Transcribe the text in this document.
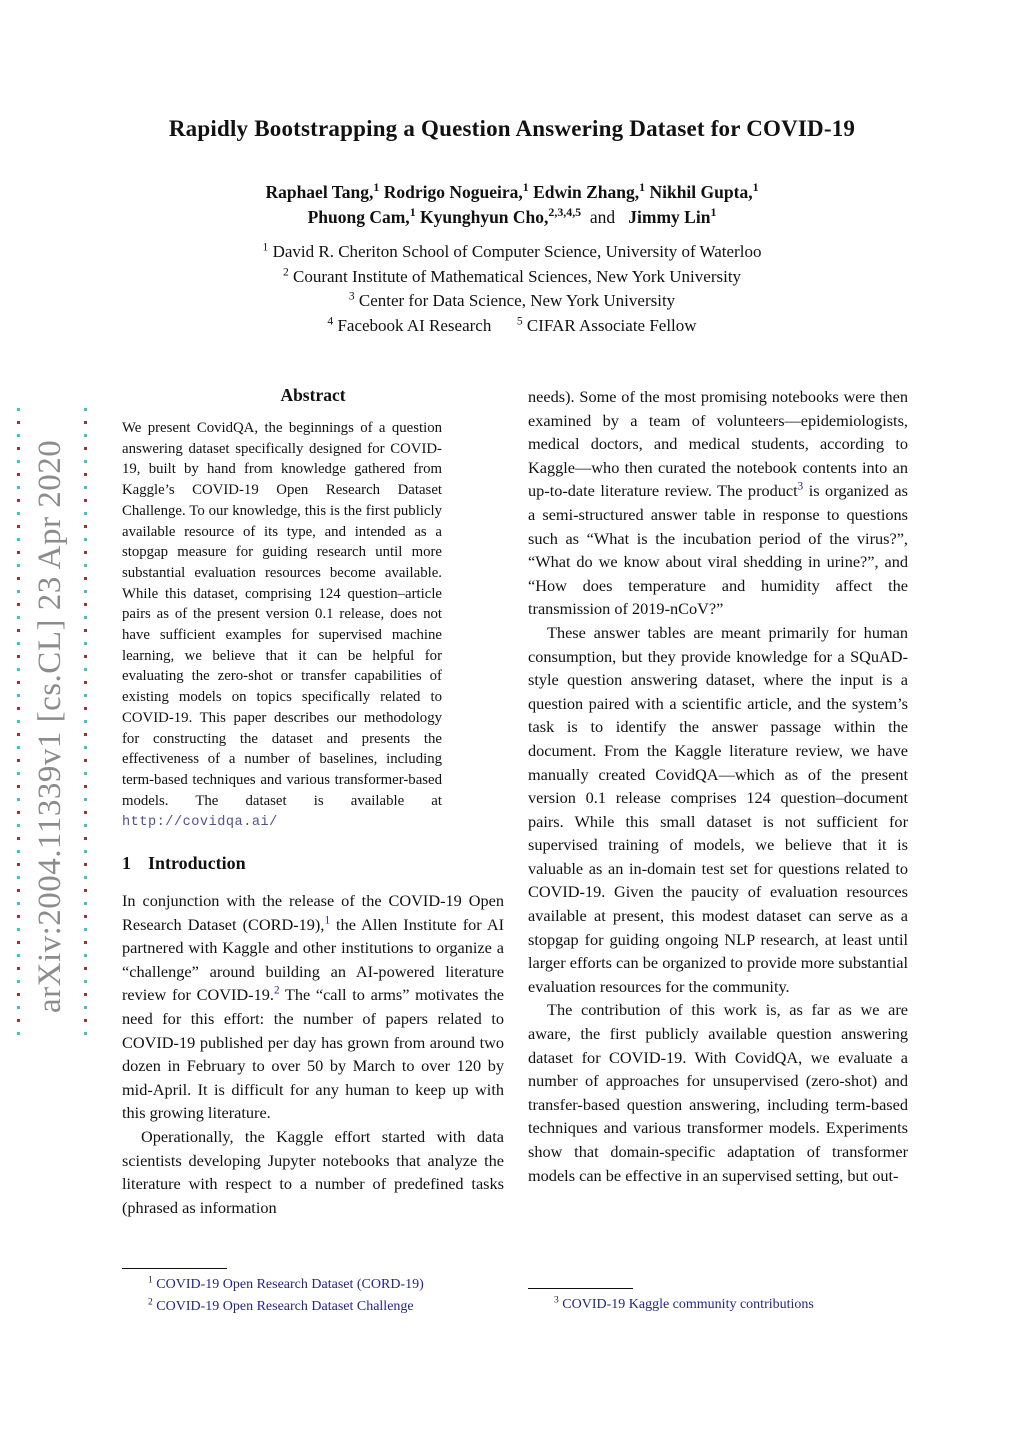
arXiv:2004.11339v1 [cs.CL] 23 Apr 2020
Rapidly Bootstrapping a Question Answering Dataset for COVID-19
Raphael Tang,$^1$ Rodrigo Nogueira,$^1$ Edwin Zhang,$^1$ Nikhil Gupta,$^1$
Phuong Cam,$^1$ Kyunghyun Cho,$^{2,3,4,5}$ and  Jimmy Lin$^1$
$^1$ David R. Cheriton School of Computer Science, University of Waterloo
$^2$ Courant Institute of Mathematical Sciences, New York University
$^3$ Center for Data Science, New York University
$^4$ Facebook AI Research   $^5$ CIFAR Associate Fellow
Abstract

We present CovidQA, the beginnings of a question answering dataset specifically designed for COVID-19, built by hand from knowledge gathered from Kaggle’s COVID-19 Open Research Dataset Challenge. To our knowledge, this is the first publicly available resource of its type, and intended as a stopgap measure for guiding research until more substantial evaluation resources become available. While this dataset, comprising 124 question–article pairs as of the present version 0.1 release, does not have sufficient examples for supervised machine learning, we believe that it can be helpful for evaluating the zero-shot or transfer capabilities of existing models on topics specifically related to COVID-19. This paper describes our methodology for constructing the dataset and presents the effectiveness of a number of baselines, including term-based techniques and various transformer-based models. The dataset is available at http://covidqa.ai/

1 Introduction

In conjunction with the release of the COVID-19 Open Research Dataset (CORD-19),$^1$ the Allen Institute for AI partnered with Kaggle and other institutions to organize a “challenge” around building an AI-powered literature review for COVID-19.$^2$ The “call to arms” motivates the need for this effort: the number of papers related to COVID-19 published per day has grown from around two dozen in February to over 50 by March to over 120 by mid-April. It is difficult for any human to keep up with this growing literature.

Operationally, the Kaggle effort started with data scientists developing Jupyter notebooks that analyze the literature with respect to a number of predefined tasks (phrased as information

needs). Some of the most promising notebooks were then examined by a team of volunteers—epidemiologists, medical doctors, and medical students, according to Kaggle—who then curated the notebook contents into an up-to-date literature review. The product$^3$ is organized as a semi-structured answer table in response to questions such as “What is the incubation period of the virus?”, “What do we know about viral shedding in urine?”, and “How does temperature and humidity affect the transmission of 2019-nCoV?”

These answer tables are meant primarily for human consumption, but they provide knowledge for a SQuAD-style question answering dataset, where the input is a question paired with a scientific article, and the system’s task is to identify the answer passage within the document. From the Kaggle literature review, we have manually created CovidQA—which as of the present version 0.1 release comprises 124 question–document pairs. While this small dataset is not sufficient for supervised training of models, we believe that it is valuable as an in-domain test set for questions related to COVID-19. Given the paucity of evaluation resources available at present, this modest dataset can serve as a stopgap for guiding ongoing NLP research, at least until larger efforts can be organized to provide more substantial evaluation resources for the community.

The contribution of this work is, as far as we are aware, the first publicly available question answering dataset for COVID-19. With CovidQA, we evaluate a number of approaches for unsupervised (zero-shot) and transfer-based question answering, including term-based techniques and various transformer models. Experiments show that domain-specific adaptation of transformer models can be effective in an supervised setting, but out-

$^1$ COVID-19 Open Research Dataset (CORD-19)
$^2$ COVID-19 Open Research Dataset Challenge	$^3$ COVID-19 Kaggle community contributions
